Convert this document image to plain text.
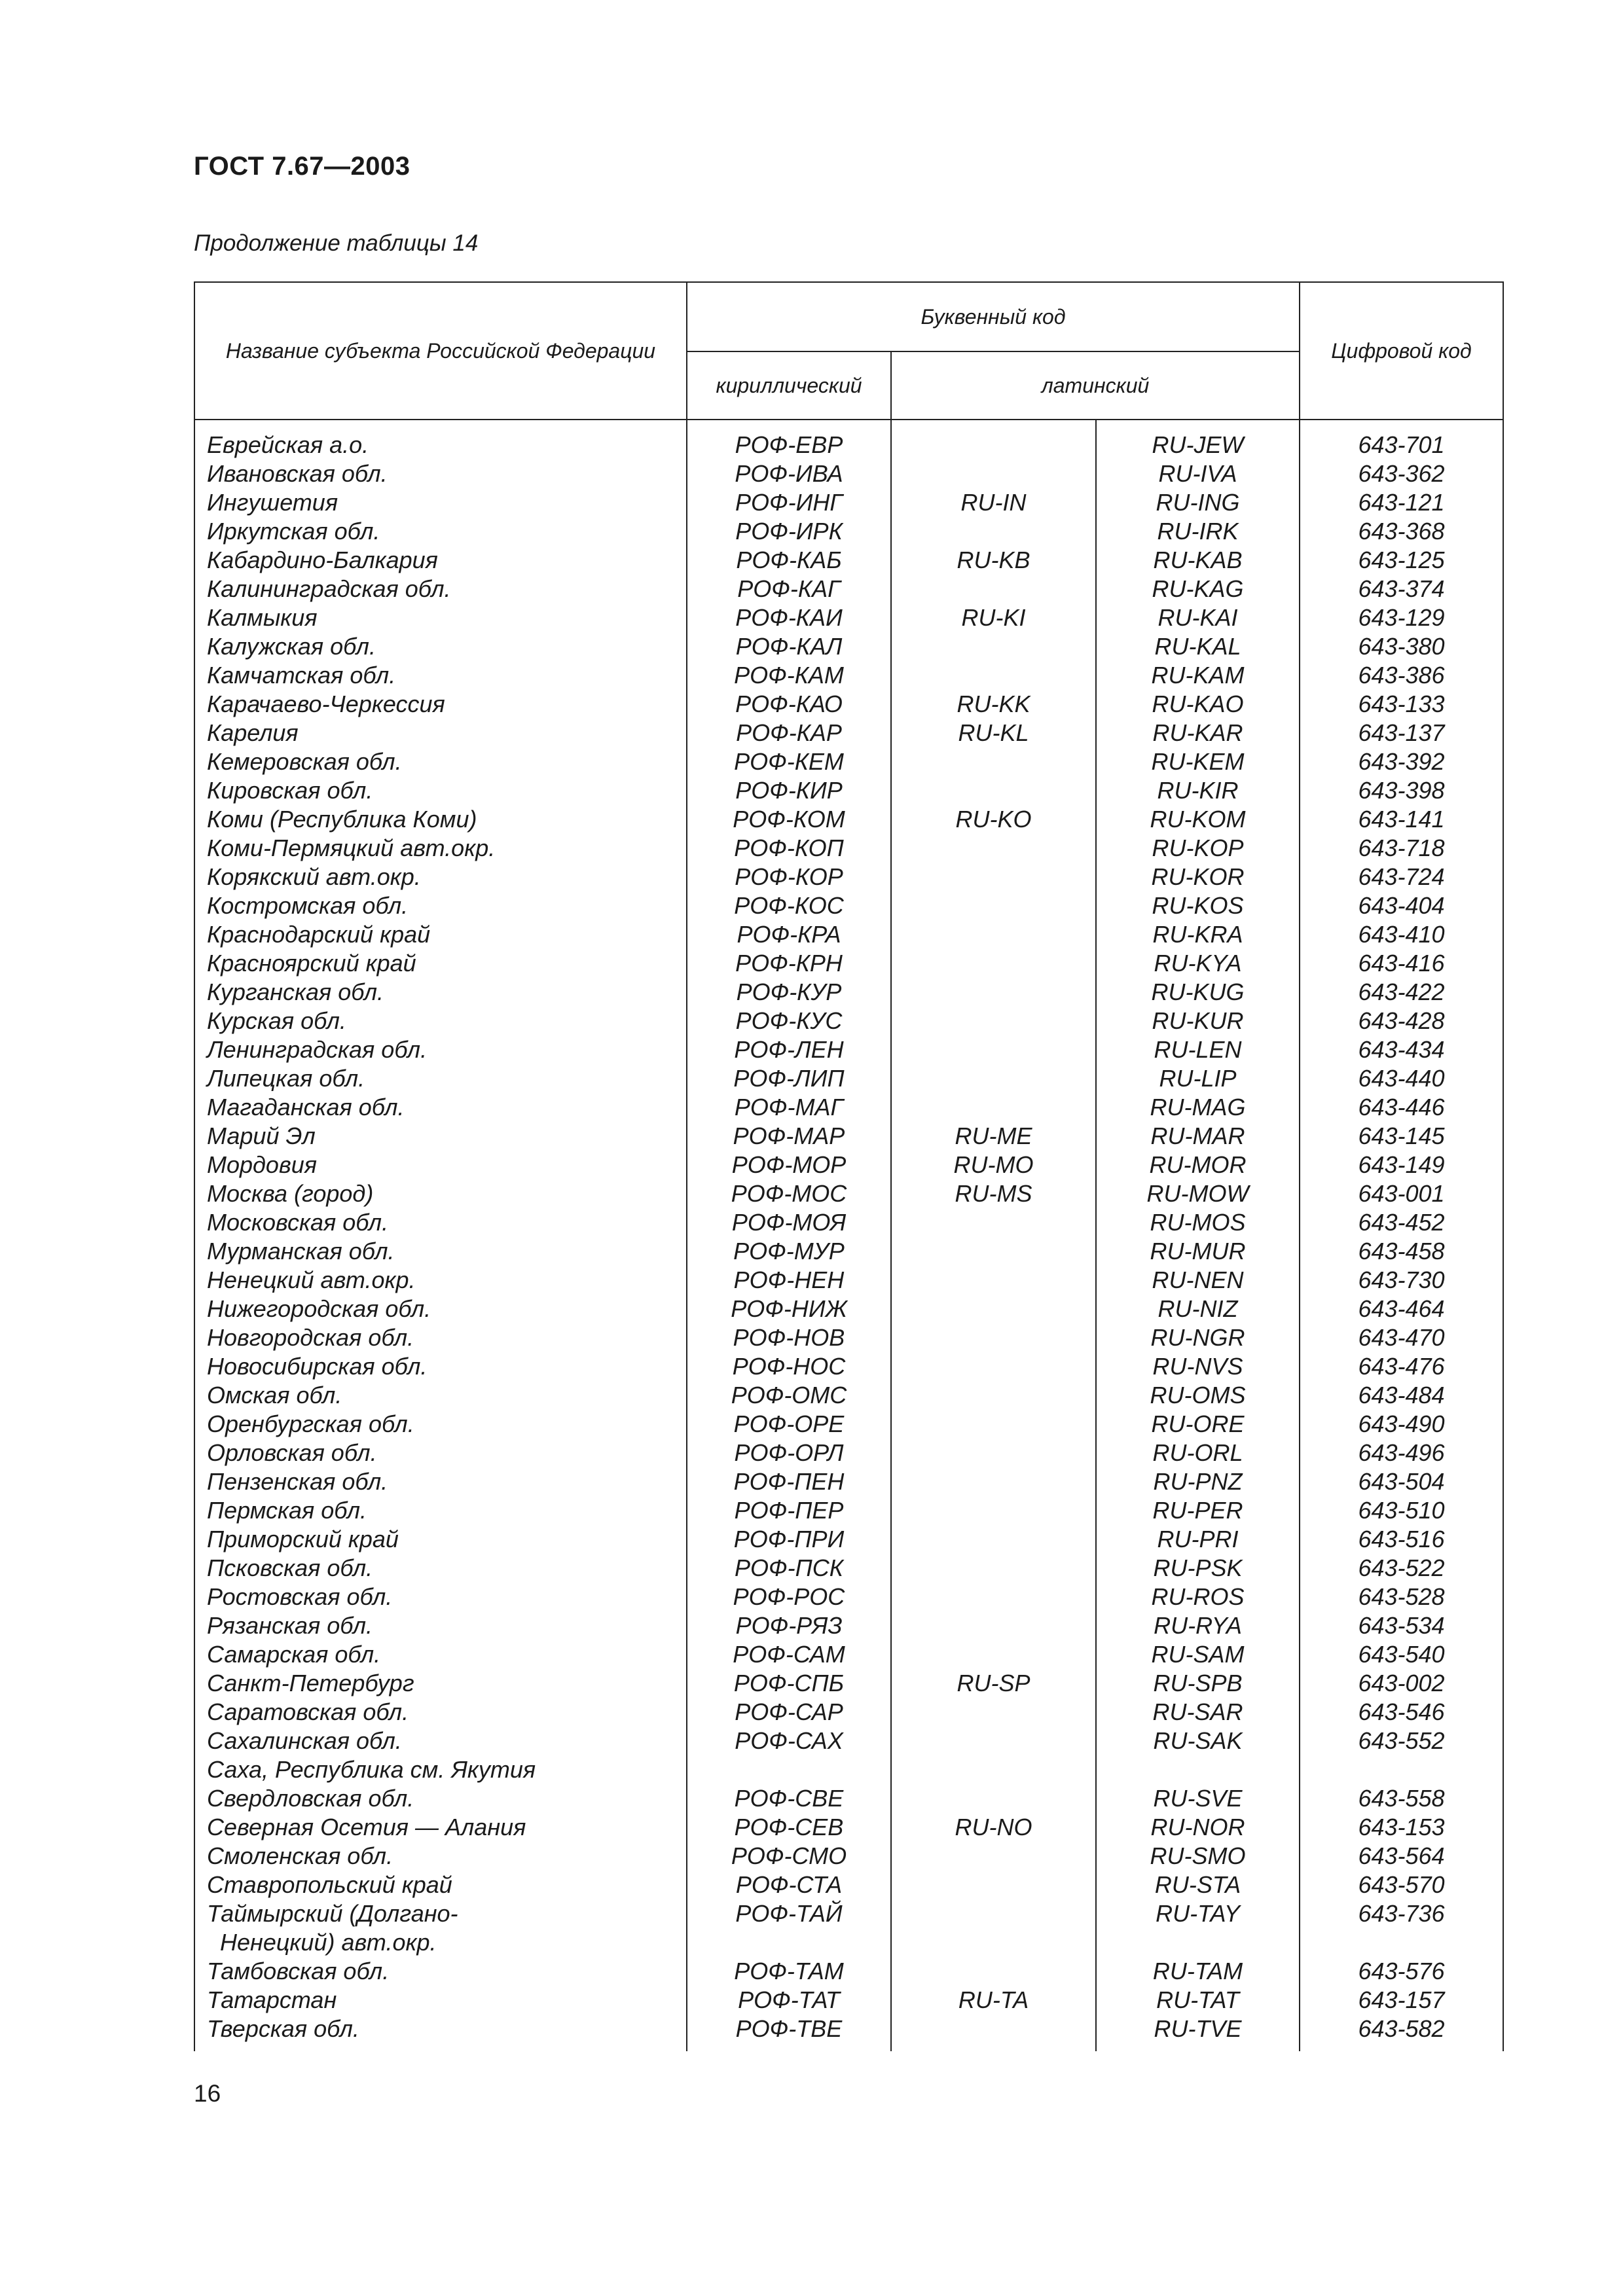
ГОСТ 7.67—2003
Продолжение таблицы 14
Название субъекта Российской Федерации	Буквенный код			Цифровой код
	кириллический	латинский		
Еврейская а.о.	РОФ-ЕВР		RU-JEW	643-701
Ивановская обл.	РОФ-ИВА		RU-IVA	643-362
Ингушетия	РОФ-ИНГ	RU-IN	RU-ING	643-121
Иркутская обл.	РОФ-ИРК		RU-IRK	643-368
Кабардино-Балкария	РОФ-КАБ	RU-KB	RU-KAB	643-125
Калининградская обл.	РОФ-КАГ		RU-KAG	643-374
Калмыкия	РОФ-КАИ	RU-KI	RU-KAI	643-129
Калужская обл.	РОФ-КАЛ		RU-KAL	643-380
Камчатская обл.	РОФ-КАМ		RU-KAM	643-386
Карачаево-Черкессия	РОФ-КАО	RU-KK	RU-KAO	643-133
Карелия	РОФ-КАР	RU-KL	RU-KAR	643-137
Кемеровская обл.	РОФ-КЕМ		RU-KEM	643-392
Кировская обл.	РОФ-КИР		RU-KIR	643-398
Коми (Республика Коми)	РОФ-КОМ	RU-KO	RU-KOM	643-141
Коми-Пермяцкий авт.окр.	РОФ-КОП		RU-KOP	643-718
Корякский авт.окр.	РОФ-КОР		RU-KOR	643-724
Костромская обл.	РОФ-КОС		RU-KOS	643-404
Краснодарский край	РОФ-КРА		RU-KRA	643-410
Красноярский край	РОФ-КРН		RU-KYA	643-416
Курганская обл.	РОФ-КУР		RU-KUG	643-422
Курская обл.	РОФ-КУС		RU-KUR	643-428
Ленинградская обл.	РОФ-ЛЕН		RU-LEN	643-434
Липецкая обл.	РОФ-ЛИП		RU-LIP	643-440
Магаданская обл.	РОФ-МАГ		RU-MAG	643-446
Марий Эл	РОФ-МАР	RU-ME	RU-MAR	643-145
Мордовия	РОФ-МОР	RU-MO	RU-MOR	643-149
Москва (город)	РОФ-МОС	RU-MS	RU-MOW	643-001
Московская обл.	РОФ-МОЯ		RU-MOS	643-452
Мурманская обл.	РОФ-МУР		RU-MUR	643-458
Ненецкий авт.окр.	РОФ-НЕН		RU-NEN	643-730
Нижегородская обл.	РОФ-НИЖ		RU-NIZ	643-464
Новгородская обл.	РОФ-НОВ		RU-NGR	643-470
Новосибирская обл.	РОФ-НОС		RU-NVS	643-476
Омская обл.	РОФ-ОМС		RU-OMS	643-484
Оренбургская обл.	РОФ-ОРЕ		RU-ORE	643-490
Орловская обл.	РОФ-ОРЛ		RU-ORL	643-496
Пензенская обл.	РОФ-ПЕН		RU-PNZ	643-504
Пермская обл.	РОФ-ПЕР		RU-PER	643-510
Приморский край	РОФ-ПРИ		RU-PRI	643-516
Псковская обл.	РОФ-ПСК		RU-PSK	643-522
Ростовская обл.	РОФ-РОС		RU-ROS	643-528
Рязанская обл.	РОФ-РЯЗ		RU-RYA	643-534
Самарская обл.	РОФ-САМ		RU-SAM	643-540
Санкт-Петербург	РОФ-СПБ	RU-SP	RU-SPB	643-002
Саратовская обл.	РОФ-САР		RU-SAR	643-546
Сахалинская обл.	РОФ-САХ		RU-SAK	643-552
Саха, Республика см. Якутия				
Свердловская обл.	РОФ-СВЕ		RU-SVE	643-558
Северная Осетия — Алания	РОФ-СЕВ	RU-NO	RU-NOR	643-153
Смоленская обл.	РОФ-СМО		RU-SMO	643-564
Ставропольский край	РОФ-СТА		RU-STA	643-570
Таймырский (Долгано-	РОФ-ТАЙ		RU-TAY	643-736
Ненецкий) авт.окр.				
Тамбовская обл.	РОФ-ТАМ		RU-TAM	643-576
Татарстан	РОФ-ТАТ	RU-TA	RU-TAT	643-157
Тверская обл.	РОФ-ТВЕ		RU-TVE	643-582
16
